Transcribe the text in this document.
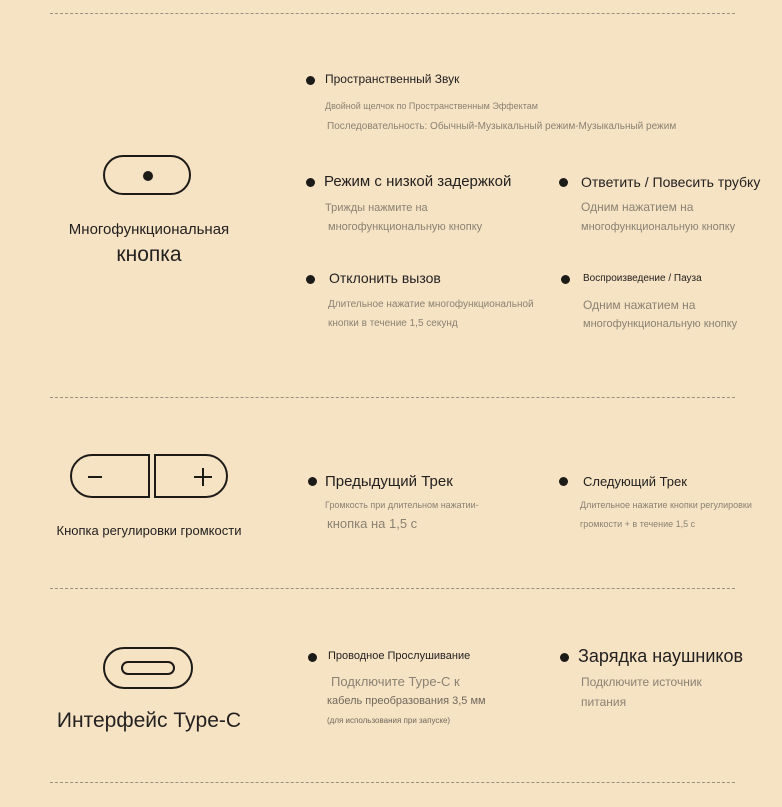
Многофункциональная
кнопка
Пространственный Звук
Двойной щелчок по Пространственным Эффектам
Последовательность: Обычный-Музыкальный режим-Музыкальный режим
Режим с низкой задержкой
Трижды нажмите на
многофункциональную кнопку
Ответить / Повесить трубку
Одним нажатием на
многофункциональную кнопку
Отклонить вызов
Длительное нажатие многофункциональной
кнопки в течение 1,5 секунд
Воспроизведение / Пауза
Одним нажатием на
многофункциональную кнопку
Кнопка регулировки громкости
Предыдущий Трек
Громкость при длительном нажатии-
кнопка на 1,5 с
Следующий Трек
Длительное нажатие кнопки регулировки
громкости + в течение 1,5 с
Интерфейс Type-C
Проводное Прослушивание
Подключите Type-C к
кабель преобразования 3,5 мм
(для использования при запуске)
Зарядка наушников
Подключите источник
питания
